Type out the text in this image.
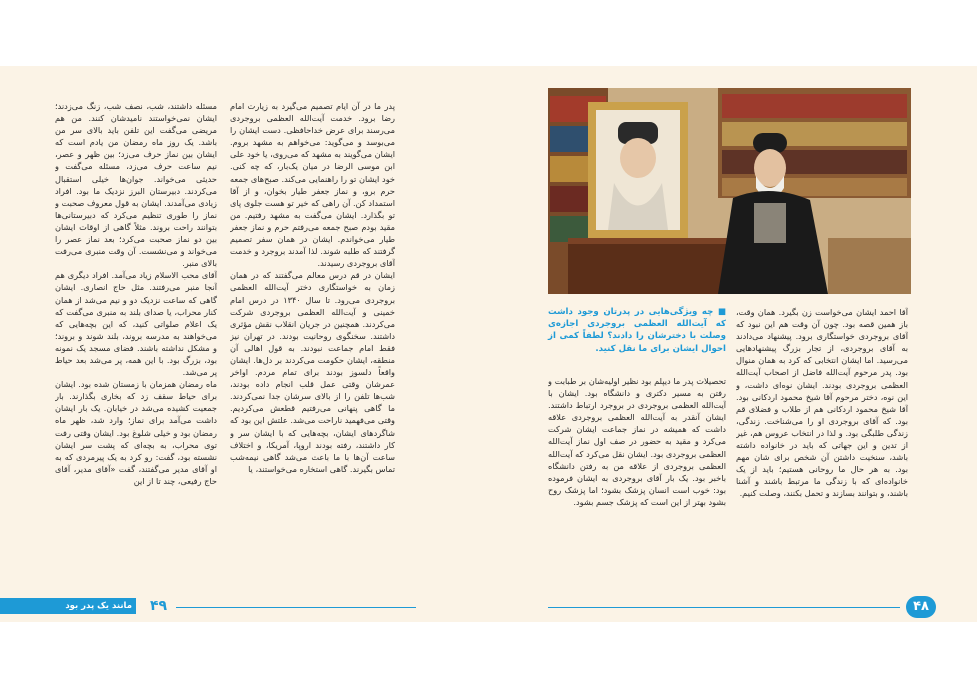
مسئله داشتند، شب، نصف شب، زنگ می‌زدند؛ ایشان نمی‌خواستند نامیدشان کنند. من هم مریضی می‌گفت این تلفن باید بالای سر من باشد. یک روز ماه رمضان من یادم است که ایشان بین نماز حرف می‌زد؛ بین ظهر و عصر، نیم ساعت حرف می‌زد، مسئله می‌گفت و حدیثی می‌خواند. جوان‌ها خیلی استقبال می‌کردند. دبیرستان البرز نزدیک ما بود. افراد زیادی می‌آمدند. ایشان به قول معروف صحبت و نماز را طوری تنظیم می‌کرد که دبیرستانی‌ها بتوانند راحت بروند. مثلاً گاهی از اوقات ایشان بین دو نماز صحبت می‌کرد؛ بعد نماز عصر را می‌خواند و می‌نشست. آن وقت منبری می‌رفت بالای منبر.
آقای محب الاسلام زیاد می‌آمد. افراد دیگری هم آنجا منبر می‌رفتند. مثل حاج انصاری. ایشان گاهی که ساعت نزدیک دو و نیم می‌شد از همان کنار محراب، یا صدای بلند به منبری می‌گفت که یک اعلام صلواتی کنید، که این بچه‌هایی که می‌خواهند به مدرسه بروند، بلند شوند و بروند؛ و مشکل نداشته باشند. فضای مسجد یک نمونه بود، بزرگ بود. با این همه، پر می‌شد بعد حیاط پر می‌شد.
ماه رمضان همزمان با زمستان شده بود. ایشان برای حیاط سقف زد که بخاری بگذارند. بار جمعیت کشیده می‌شد در خیابان. یک بار ایشان داشت می‌آمد برای نماز؛ وارد شد، ظهر ماه رمضان بود و خیلی شلوغ بود. ایشان وقتی رفت توی محراب، به بچه‌ای که پشت سر ایشان نشسته بود، گفت: رو کرد به یک پیرمردی که به او آقای مدیر می‌گفتند، گفت «آقای مدیر، آقای حاج رفیعی، چند تا از این
پدر ما در آن ایام تصمیم می‌گیرد به زیارت امام رضا برود. خدمت آیت‌الله العظمی بروجردی می‌رسند برای عرض خداحافظی. دست ایشان را می‌بوسد و می‌گوید: می‌خواهم به مشهد بروم. ایشان می‌گویند به مشهد که می‌روی، یا خود علی ابن موسی الرضا در میان یک‌بار، که چه کنی. خود ایشان تو را راهنمایی می‌کند. صبح‌های جمعه حرم برو، و نماز جعفر طیار بخوان، و از آقا استمداد کن. آن راهی که خیر تو هست جلوی پای تو بگذارد. ایشان می‌گفت به مشهد رفتیم. من مقید بودم صبح جمعه می‌رفتم حرم و نماز جعفر طیار می‌خواندم. ایشان در همان سفر تصمیم گرفتند که طلبه شوند. لذا آمدند بروجرد و خدمت آقای بروجردی رسیدند.
ایشان در قم درس معالم می‌گفتند که در همان زمان به خواستگاری دختر آیت‌الله العظمی بروجردی می‌رود. تا سال ۱۳۴۰ در درس امام خمینی و آیت‌الله العظمی بروجردی شرکت می‌کردند. همچنین در جریان انقلاب نقش مؤثری داشتند. سخنگوی روحانیت بودند. در تهران نیز فقط امام جماعت نبودند. به قول اهالی آن منطقه، ایشان حکومت می‌کردند بر دل‌ها. ایشان واقعاً دلسوز بودند برای تمام مردم. اواخر عمرشان وقتی عمل قلب انجام داده بودند، شب‌ها تلفن را از بالای سرشان جدا نمی‌کردند. ما گاهی پنهانی می‌رفتیم قطعش می‌کردیم. وقتی می‌فهمید ناراحت می‌شد. علتش این بود که شاگردهای ایشان، بچه‌هایی که با ایشان سر و کار داشتند، رفته بودند اروپا، آمریکا، و اختلاف ساعت آن‌ها با ما باعث می‌شد گاهی نیمه‌شب تماس بگیرند. گاهی استخاره می‌خواستند، یا
■ چه ویژگی‌هایی در پدرتان وجود داشت که آیت‌الله العظمی بروجردی اجازه‌ی وصلت با دخترشان را دادند؟ لطفاً کمی از احوال ایشان برای ما نقل کنید.
تحصیلات پدر ما دیپلم بود نظیر اولیه‌شان بر طبابت و رفتن به مسیر دکتری و دانشگاه بود. ایشان با آیت‌الله العظمی بروجردی در بروجرد ارتباط داشتند. ایشان آنقدر به آیت‌الله العظمی بروجردی علاقه داشت که همیشه در نماز جماعت ایشان شرکت می‌کرد و مقید به حضور در صف اول نماز آیت‌الله العظمی بروجردی بود. ایشان نقل می‌کرد که آیت‌الله العظمی بروجردی از علاقه من به رفتن دانشگاه باخبر بود. یک بار آقای بروجردی به ایشان فرموده بود: خوب است انسان پزشک بشود؛ اما پزشک روح بشود بهتر از این است که پزشک جسم بشود.
آقا احمد ایشان می‌خواست زن بگیرد. همان وقت، باز همین قصه بود. چون آن وقت هم این نبود که آقای بروجردی خواستگاری برود. پیشنهاد می‌دادند به آقای بروجردی، از تجار بزرگ پیشنهادهایی می‌رسید. اما ایشان انتخابی که کرد به همان منوال بود. پدر مرحوم آیت‌الله فاضل از اصحاب آیت‌الله العظمی بروجردی بودند. ایشان نوه‌ای داشت، و این نوه، دختر مرحوم آقا شیخ محمود اردکانی بود. آقا شیخ محمود اردکانی هم از طلاب و فضلای قم بود. که آقای بروجردی او را می‌شناخت. زندگی، زندگی طلبگی بود. و لذا در انتخاب عروس هم، غیر از تدین و این جهاتی که باید در خانواده داشته باشد، سنخیت داشتن آن شخص برای شان مهم بود. به هر حال ما روحانی هستیم؛ باید از یک خانواده‌ای که با زندگی ما مرتبط باشند و آشنا باشند، و بتوانند بسازند و تحمل بکنند، وصلت کنیم.
مانند یک پدر بود ۴۹	۴۸
